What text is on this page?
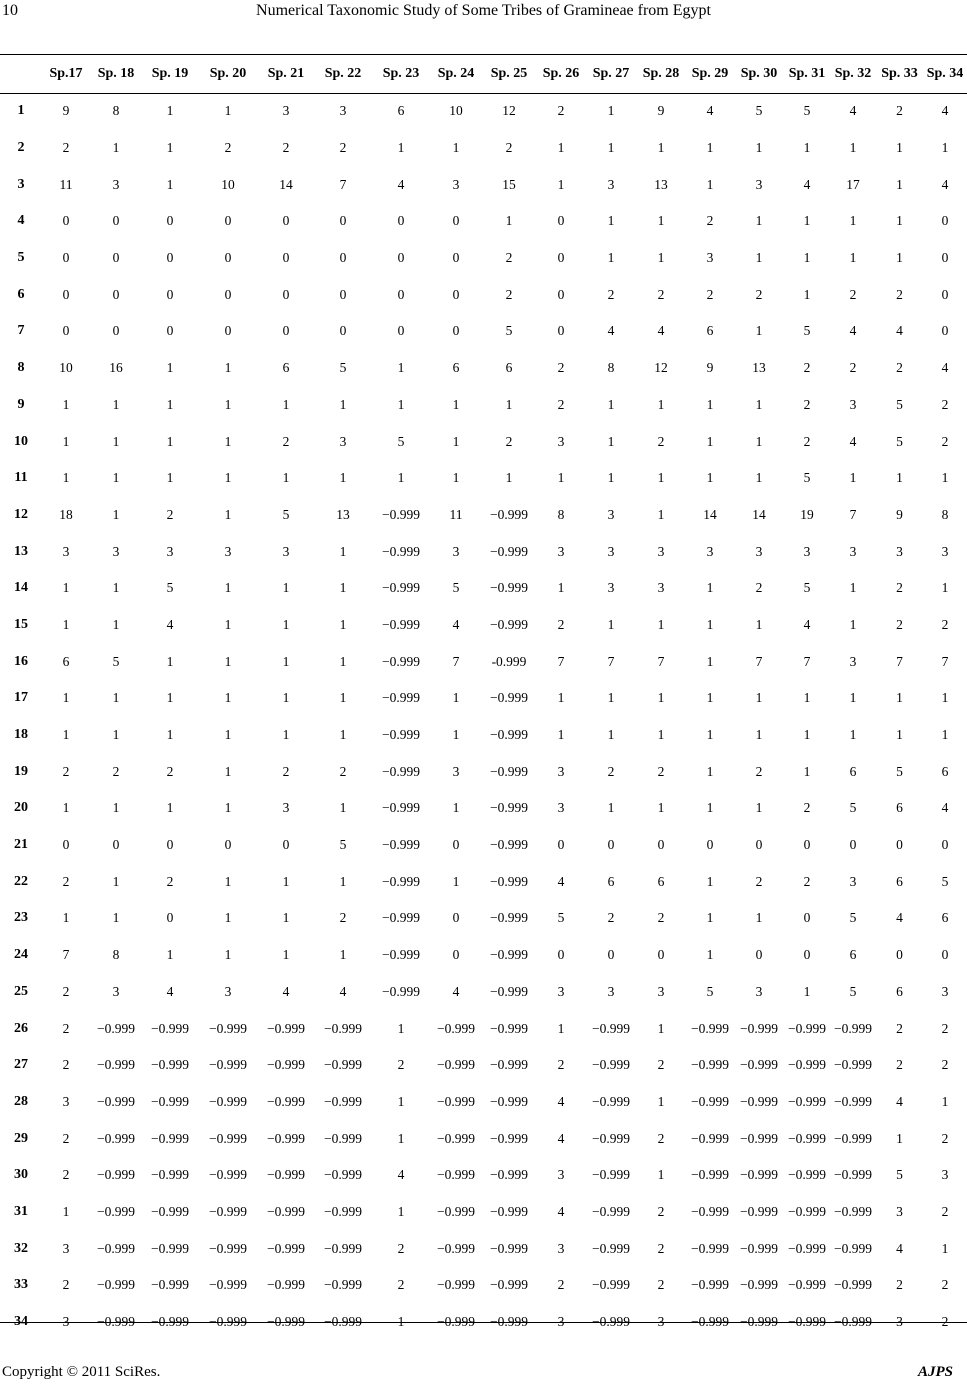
10	Numerical Taxonomic Study of Some Tribes of Gramineae from Egypt
	Sp.17	Sp. 18	Sp. 19	Sp. 20	Sp. 21	Sp. 22	Sp. 23	Sp. 24	Sp. 25	Sp. 26	Sp. 27	Sp. 28	Sp. 29	Sp. 30	Sp. 31	Sp. 32	Sp. 33	Sp. 34
1	9	8	1	1	3	3	6	10	12	2	1	9	4	5	5	4	2	4
2	2	1	1	2	2	2	1	1	2	1	1	1	1	1	1	1	1	1
3	11	3	1	10	14	7	4	3	15	1	3	13	1	3	4	17	1	4
4	0	0	0	0	0	0	0	0	1	0	1	1	2	1	1	1	1	0
5	0	0	0	0	0	0	0	0	2	0	1	1	3	1	1	1	1	0
6	0	0	0	0	0	0	0	0	2	0	2	2	2	2	1	2	2	0
7	0	0	0	0	0	0	0	0	5	0	4	4	6	1	5	4	4	0
8	10	16	1	1	6	5	1	6	6	2	8	12	9	13	2	2	2	4
9	1	1	1	1	1	1	1	1	1	2	1	1	1	1	2	3	5	2
10	1	1	1	1	2	3	5	1	2	3	1	2	1	1	2	4	5	2
11	1	1	1	1	1	1	1	1	1	1	1	1	1	1	5	1	1	1
12	18	1	2	1	5	13	−0.999	11	−0.999	8	3	1	14	14	19	7	9	8
13	3	3	3	3	3	1	−0.999	3	−0.999	3	3	3	3	3	3	3	3	3
14	1	1	5	1	1	1	−0.999	5	−0.999	1	3	3	1	2	5	1	2	1
15	1	1	4	1	1	1	−0.999	4	−0.999	2	1	1	1	1	4	1	2	2
16	6	5	1	1	1	1	−0.999	7	-0.999	7	7	7	1	7	7	3	7	7
17	1	1	1	1	1	1	−0.999	1	−0.999	1	1	1	1	1	1	1	1	1
18	1	1	1	1	1	1	−0.999	1	−0.999	1	1	1	1	1	1	1	1	1
19	2	2	2	1	2	2	−0.999	3	−0.999	3	2	2	1	2	1	6	5	6
20	1	1	1	1	3	1	−0.999	1	−0.999	3	1	1	1	1	2	5	6	4
21	0	0	0	0	0	5	−0.999	0	−0.999	0	0	0	0	0	0	0	0	0
22	2	1	2	1	1	1	−0.999	1	−0.999	4	6	6	1	2	2	3	6	5
23	1	1	0	1	1	2	−0.999	0	−0.999	5	2	2	1	1	0	5	4	6
24	7	8	1	1	1	1	−0.999	0	−0.999	0	0	0	1	0	0	6	0	0
25	2	3	4	3	4	4	−0.999	4	−0.999	3	3	3	5	3	1	5	6	3
26	2	−0.999	−0.999	−0.999	−0.999	−0.999	1	−0.999	−0.999	1	−0.999	1	−0.999	−0.999	−0.999	−0.999	2	2
27	2	−0.999	−0.999	−0.999	−0.999	−0.999	2	−0.999	−0.999	2	−0.999	2	−0.999	−0.999	−0.999	−0.999	2	2
28	3	−0.999	−0.999	−0.999	−0.999	−0.999	1	−0.999	−0.999	4	−0.999	1	−0.999	−0.999	−0.999	−0.999	4	1
29	2	−0.999	−0.999	−0.999	−0.999	−0.999	1	−0.999	−0.999	4	−0.999	2	−0.999	−0.999	−0.999	−0.999	1	2
30	2	−0.999	−0.999	−0.999	−0.999	−0.999	4	−0.999	−0.999	3	−0.999	1	−0.999	−0.999	−0.999	−0.999	5	3
31	1	−0.999	−0.999	−0.999	−0.999	−0.999	1	−0.999	−0.999	4	−0.999	2	−0.999	−0.999	−0.999	−0.999	3	2
32	3	−0.999	−0.999	−0.999	−0.999	−0.999	2	−0.999	−0.999	3	−0.999	2	−0.999	−0.999	−0.999	−0.999	4	1
33	2	−0.999	−0.999	−0.999	−0.999	−0.999	2	−0.999	−0.999	2	−0.999	2	−0.999	−0.999	−0.999	−0.999	2	2
34	3	−0.999	−0.999	−0.999	−0.999	−0.999	1	−0.999	−0.999	3	−0.999	3	−0.999	−0.999	−0.999	−0.999	3	2
Copyright © 2011 SciRes.	AJPS
